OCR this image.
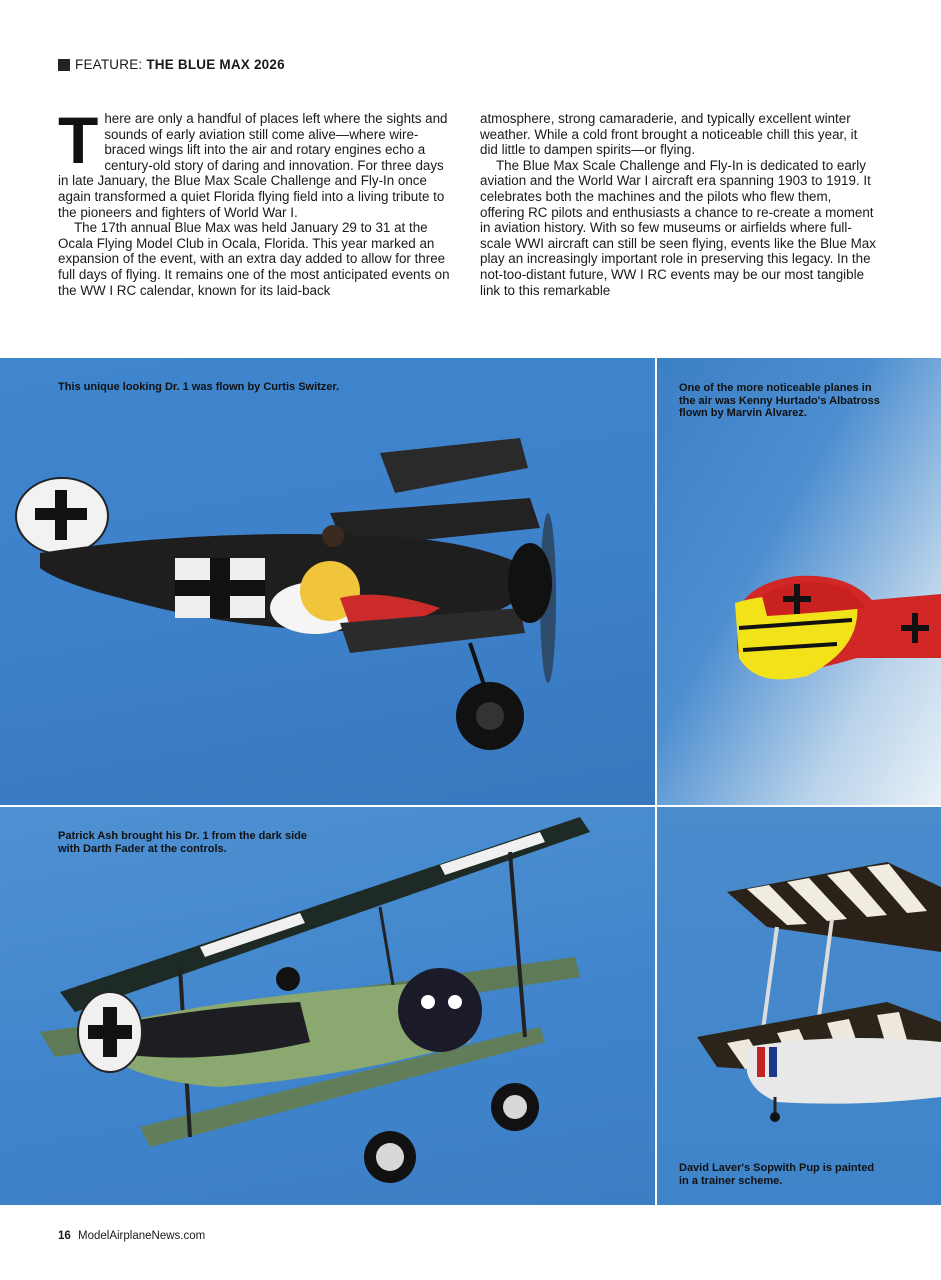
FEATURE: THE BLUE MAX 2026

There are only a handful of places left where the sights and sounds of early aviation still come alive—where wire-braced wings lift into the air and rotary engines echo a century-old story of daring and innovation. For three days in late January, the Blue Max Scale Challenge and Fly-In once again transformed a quiet Florida flying field into a living tribute to the pioneers and fighters of World War I.

The 17th annual Blue Max was held January 29 to 31 at the Ocala Flying Model Club in Ocala, Florida. This year marked an expansion of the event, with an extra day added to allow for three full days of flying. It remains one of the most anticipated events on the WW I RC calendar, known for its laid-back

atmosphere, strong camaraderie, and typically excellent winter weather. While a cold front brought a noticeable chill this year, it did little to dampen spirits—or flying.

The Blue Max Scale Challenge and Fly-In is dedicated to early aviation and the World War I aircraft era spanning 1903 to 1919. It celebrates both the machines and the pilots who flew them, offering RC pilots and enthusiasts a chance to re-create a moment in aviation history. With so few museums or airfields where full-scale WWI aircraft can still be seen flying, events like the Blue Max play an increasingly important role in preserving this legacy. In the not-too-distant future, WW I RC events may be our most tangible link to this remarkable

This unique looking Dr. 1 was flown by Curtis Switzer.	One of the more noticeable planes in the air was Kenny Hurtado's Albatross flown by Marvin Alvarez.
Patrick Ash brought his Dr. 1 from the dark side with Darth Fader at the controls.
David Laver's Sopwith Pup is painted in a trainer scheme.
16 ModelAirplaneNews.com
